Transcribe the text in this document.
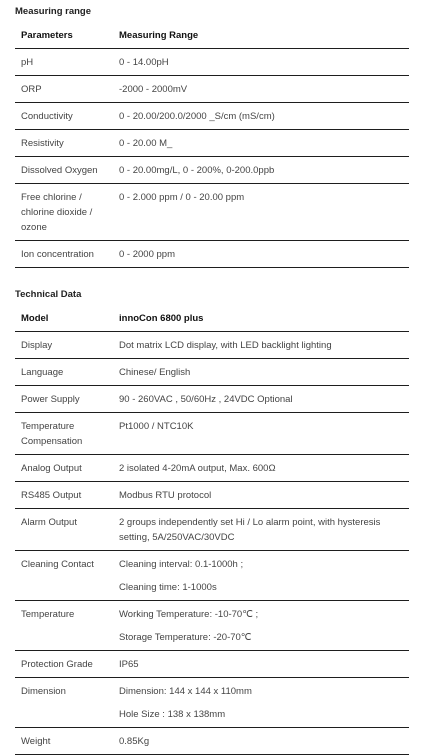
Measuring range
Parameters	Measuring Range

pH	0 - 14.00pH

ORP	-2000 - 2000mV

Conductivity	0 - 20.00/200.0/2000 _S/cm (mS/cm)

Resistivity	0 - 20.00 M_

Dissolved Oxygen	0 - 20.00mg/L, 0 - 200%, 0-200.0ppb

Free chlorine /
chlorine dioxide /
ozone	0 - 2.000 ppm / 0 - 20.00 ppm

Ion concentration	0 - 2000 ppm
Technical Data
Model	innoCon 6800 plus

Display	Dot matrix LCD display, with LED backlight lighting

Language	Chinese/ English

Power Supply	90 - 260VAC , 50/60Hz , 24VDC Optional

Temperature
Compensation	Pt1000 / NTC10K

Analog Output	2 isolated 4-20mA output, Max. 600Ω

RS485 Output	Modbus RTU protocol

Alarm Output	2 groups independently set Hi / Lo alarm point, with hysteresis
setting, 5A/250VAC/30VDC

Cleaning Contact	Cleaning interval: 0.1-1000h ;
Cleaning time: 1-1000s

Temperature	Working Temperature: -10-70℃ ;
Storage Temperature: -20-70℃

Protection Grade	IP65

Dimension	Dimension: 144 x 144 x 110mm
Hole Size : 138 x 138mm

Weight	0.85Kg
